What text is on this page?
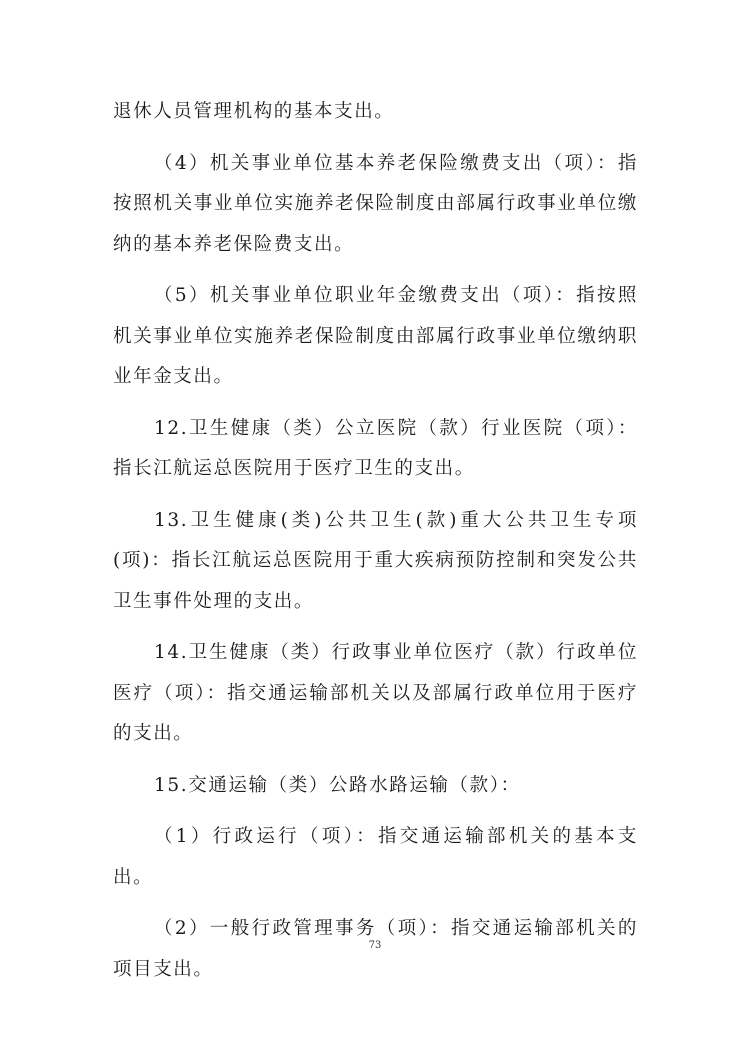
退休人员管理机构的基本支出。

（4）机关事业单位基本养老保险缴费支出（项）：指按照机关事业单位实施养老保险制度由部属行政事业单位缴纳的基本养老保险费支出。

（5）机关事业单位职业年金缴费支出（项）：指按照机关事业单位实施养老保险制度由部属行政事业单位缴纳职业年金支出。

12.卫生健康（类）公立医院（款）行业医院（项）：指长江航运总医院用于医疗卫生的支出。

13.卫生健康(类)公共卫生(款)重大公共卫生专项(项)：指长江航运总医院用于重大疾病预防控制和突发公共卫生事件处理的支出。

14.卫生健康（类）行政事业单位医疗（款）行政单位医疗（项）：指交通运输部机关以及部属行政单位用于医疗的支出。

15.交通运输（类）公路水路运输（款）：

（1）行政运行（项）：指交通运输部机关的基本支出。

（2）一般行政管理事务（项）：指交通运输部机关的项目支出。

73
